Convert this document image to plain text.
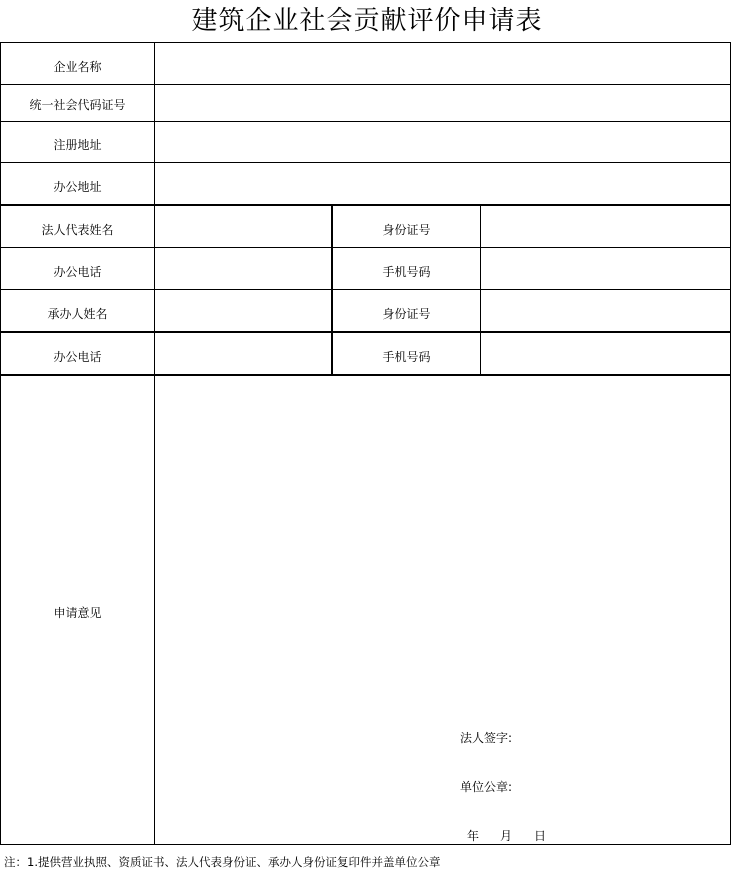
建筑企业社会贡献评价申请表
企业名称
统一社会代码证号
注册地址
办公地址
法人代表姓名	身份证号
办公电话	手机号码
承办人姓名	身份证号
办公电话	手机号码
申请意见
法人签字:
单位公章:
年 月 日
注：1.提供营业执照、资质证书、法人代表身份证、承办人身份证复印件并盖单位公章
